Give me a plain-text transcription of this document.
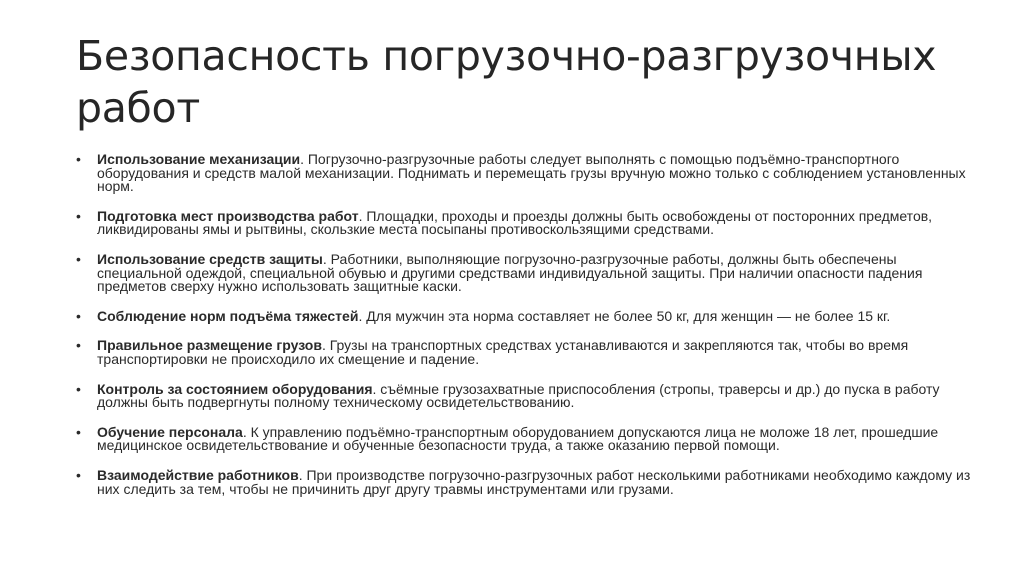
Безопасность погрузочно-разгрузочных работ
• Использование механизации. Погрузочно-разгрузочные работы следует выполнять с помощью подъёмно-транспортного оборудования и средств малой механизации. Поднимать и перемещать грузы вручную можно только с соблюдением установленных норм.
• Подготовка мест производства работ. Площадки, проходы и проезды должны быть освобождены от посторонних предметов, ликвидированы ямы и рытвины, скользкие места посыпаны противоскользящими средствами.
• Использование средств защиты. Работники, выполняющие погрузочно-разгрузочные работы, должны быть обеспечены специальной одеждой, специальной обувью и другими средствами индивидуальной защиты. При наличии опасности падения предметов сверху нужно использовать защитные каски.
• Соблюдение норм подъёма тяжестей. Для мужчин эта норма составляет не более 50 кг, для женщин — не более 15 кг.
• Правильное размещение грузов. Грузы на транспортных средствах устанавливаются и закрепляются так, чтобы во время транспортировки не происходило их смещение и падение.
• Контроль за состоянием оборудования. съёмные грузозахватные приспособления (стропы, траверсы и др.) до пуска в работу должны быть подвергнуты полному техническому освидетельствованию.
• Обучение персонала. К управлению подъёмно-транспортным оборудованием допускаются лица не моложе 18 лет, прошедшие медицинское освидетельствование и обученные безопасности труда, а также оказанию первой помощи.
• Взаимодействие работников. При производстве погрузочно-разгрузочных работ несколькими работниками необходимо каждому из них следить за тем, чтобы не причинить друг другу травмы инструментами или грузами.
